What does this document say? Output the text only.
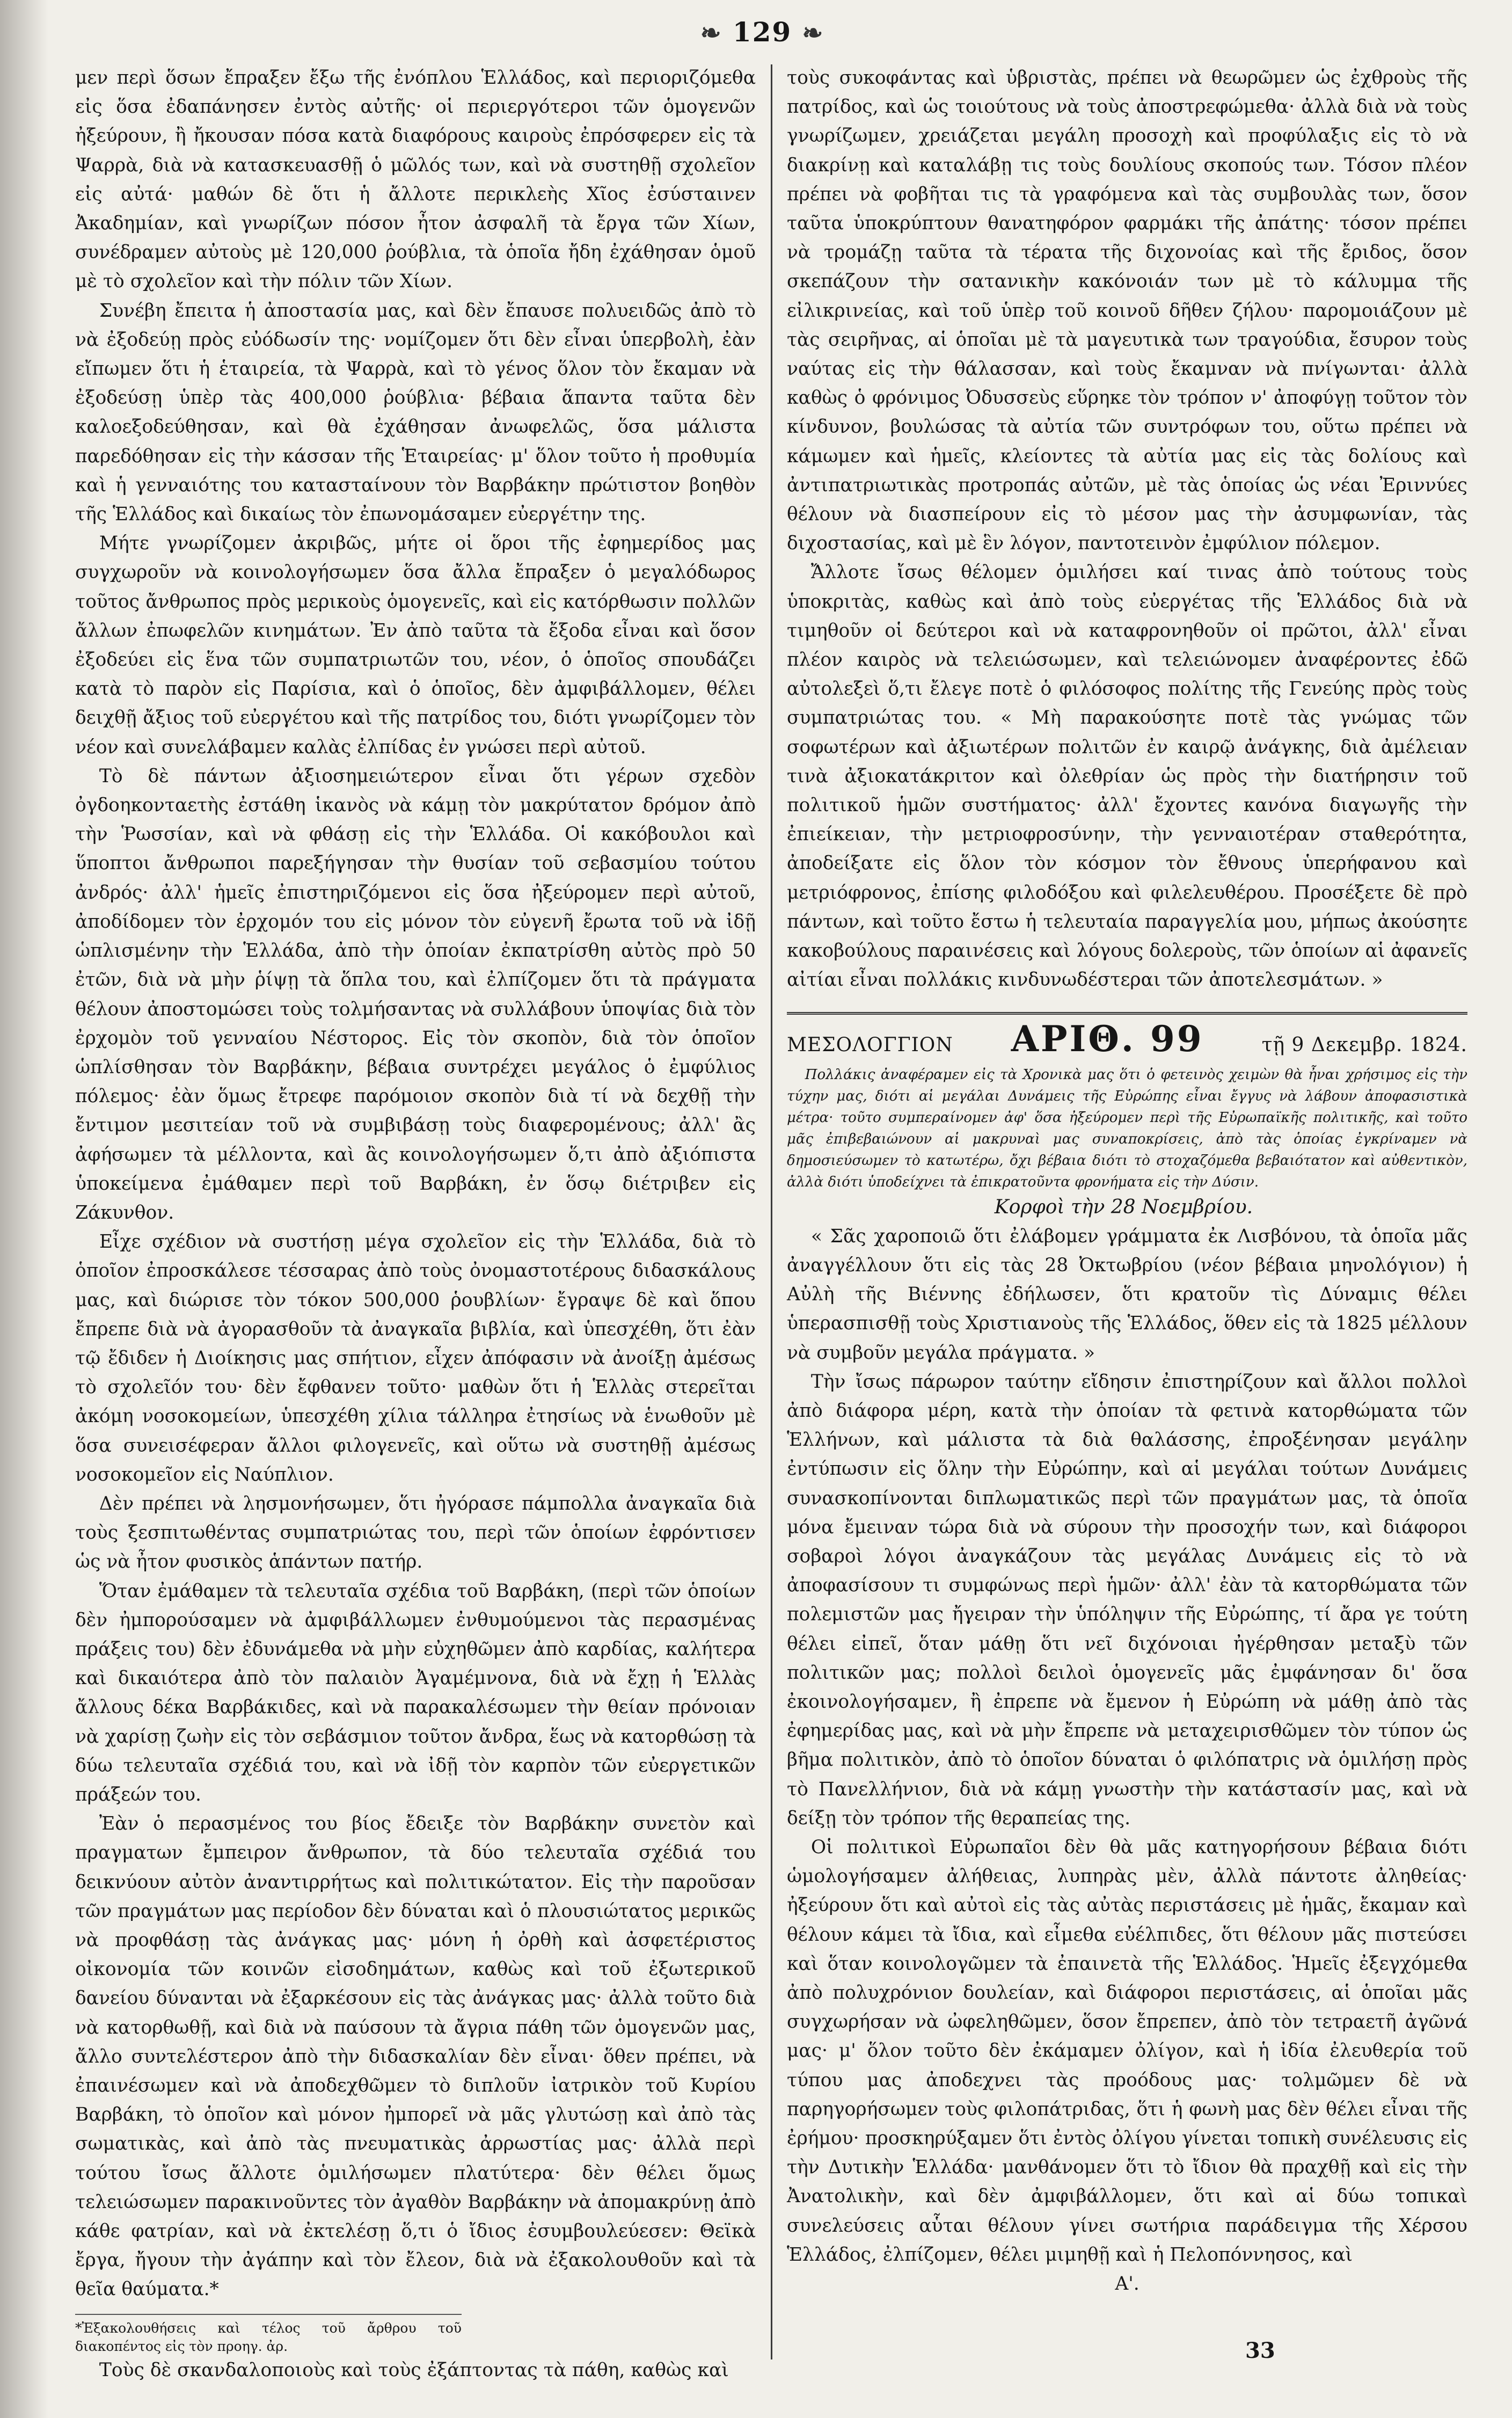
❧ 129 ❧

μεν περὶ ὅσων ἔπραξεν ἔξω τῆς ἐνόπλου Ἑλλάδος, καὶ περιοριζόμεθα εἰς ὅσα ἐδαπάνησεν ἐντὸς αὐτῆς· οἱ περιεργότεροι τῶν ὁμογενῶν ἠξεύρουν, ἢ ἤκουσαν πόσα κατὰ διαφόρους καιροὺς ἐπρόσφερεν εἰς τὰ Ψαρρὰ, διὰ νὰ κατασκευασθῇ ὁ μῶλός των, καὶ νὰ συστηθῇ σχολεῖον εἰς αὐτά· μαθών δὲ ὅτι ἡ ἄλλοτε περικλεὴς Χῖος ἐσύσταινεν Ἀκαδημίαν, καὶ γνωρίζων πόσον ἦτον ἀσφαλῆ τὰ ἔργα τῶν Χίων, συνέδραμεν αὐτοὺς μὲ 120,000 ῥούβλια, τὰ ὁποῖα ἤδη ἐχάθησαν ὁμοῦ μὲ τὸ σχολεῖον καὶ τὴν πόλιν τῶν Χίων.

Συνέβη ἔπειτα ἡ ἀποστασία μας, καὶ δὲν ἔπαυσε πολυειδῶς ἀπὸ τὸ νὰ ἐξοδεύῃ πρὸς εὐόδωσίν της· νομίζομεν ὅτι δὲν εἶναι ὑπερβολὴ, ἐὰν εἴπωμεν ὅτι ἡ ἑταιρεία, τὰ Ψαρρὰ, καὶ τὸ γένος ὅλον τὸν ἔκαμαν νὰ ἐξοδεύσῃ ὑπὲρ τὰς 400,000 ῥούβλια· βέβαια ἅπαντα ταῦτα δὲν καλοεξοδεύθησαν, καὶ θὰ ἐχάθησαν ἀνωφελῶς, ὅσα μάλιστα παρεδόθησαν εἰς τὴν κάσσαν τῆς Ἑταιρείας· μ' ὅλον τοῦτο ἡ προθυμία καὶ ἡ γενναιότης του κατασταίνουν τὸν Βαρβάκην πρώτιστον βοηθὸν τῆς Ἑλλάδος καὶ δικαίως τὸν ἐπωνομάσαμεν εὐεργέτην της.

Μήτε γνωρίζομεν ἀκριβῶς, μήτε οἱ ὅροι τῆς ἐφημερίδος μας συγχωροῦν νὰ κοινολογήσωμεν ὅσα ἄλλα ἔπραξεν ὁ μεγαλόδωρος τοῦτος ἄνθρωπος πρὸς μερικοὺς ὁμογενεῖς, καὶ εἰς κατόρθωσιν πολλῶν ἄλλων ἐπωφελῶν κινημάτων. Ἐν ἀπὸ ταῦτα τὰ ἔξοδα εἶναι καὶ ὅσον ἐξοδεύει εἰς ἕνα τῶν συμπατριωτῶν του, νέον, ὁ ὁποῖος σπουδάζει κατὰ τὸ παρὸν εἰς Παρίσια, καὶ ὁ ὁποῖος, δὲν ἀμφιβάλλομεν, θέλει δειχθῇ ἄξιος τοῦ εὐεργέτου καὶ τῆς πατρίδος του, διότι γνωρίζομεν τὸν νέον καὶ συνελάβαμεν καλὰς ἐλπίδας ἐν γνώσει περὶ αὐτοῦ.

Τὸ δὲ πάντων ἀξιοσημειώτερον εἶναι ὅτι γέρων σχεδὸν ὀγδοηκονταετὴς ἐστάθη ἱκανὸς νὰ κάμῃ τὸν μακρύτατον δρόμον ἀπὸ τὴν Ῥωσσίαν, καὶ νὰ φθάσῃ εἰς τὴν Ἑλλάδα. Οἱ κακόβουλοι καὶ ὕποπτοι ἄνθρωποι παρεξήγησαν τὴν θυσίαν τοῦ σεβασμίου τούτου ἀνδρός· ἀλλ' ἡμεῖς ἐπιστηριζόμενοι εἰς ὅσα ἠξεύρομεν περὶ αὐτοῦ, ἀποδίδομεν τὸν ἐρχομόν του εἰς μόνον τὸν εὐγενῆ ἔρωτα τοῦ νὰ ἰδῇ ὡπλισμένην τὴν Ἑλλάδα, ἀπὸ τὴν ὁποίαν ἐκπατρίσθη αὐτὸς πρὸ 50 ἐτῶν, διὰ νὰ μὴν ῥίψῃ τὰ ὅπλα του, καὶ ἐλπίζομεν ὅτι τὰ πράγματα θέλουν ἀποστομώσει τοὺς τολμήσαντας νὰ συλλάβουν ὑποψίας διὰ τὸν ἐρχομὸν τοῦ γενναίου Νέστορος. Εἰς τὸν σκοπὸν, διὰ τὸν ὁποῖον ὡπλίσθησαν τὸν Βαρβάκην, βέβαια συντρέχει μεγάλος ὁ ἐμφύλιος πόλεμος· ἐὰν ὅμως ἔτρεφε παρόμοιον σκοπὸν διὰ τί νὰ δεχθῇ τὴν ἔντιμον μεσιτείαν τοῦ νὰ συμβιβάσῃ τοὺς διαφερομένους; ἀλλ' ἂς ἀφήσωμεν τὰ μέλλοντα, καὶ ἂς κοινολογήσωμεν ὅ,τι ἀπὸ ἀξιόπιστα ὑποκείμενα ἐμάθαμεν περὶ τοῦ Βαρβάκη, ἐν ὅσῳ διέτριβεν εἰς Ζάκυνθον.

Εἶχε σχέδιον νὰ συστήσῃ μέγα σχολεῖον εἰς τὴν Ἑλλάδα, διὰ τὸ ὁποῖον ἐπροσκάλεσε τέσσαρας ἀπὸ τοὺς ὀνομαστοτέρους διδασκάλους μας, καὶ διώρισε τὸν τόκον 500,000 ῥουβλίων· ἔγραψε δὲ καὶ ὅπου ἔπρεπε διὰ νὰ ἀγορασθοῦν τὰ ἀναγκαῖα βιβλία, καὶ ὑπεσχέθη, ὅτι ἐὰν τῷ ἔδιδεν ἡ Διοίκησις μας σπήτιον, εἶχεν ἀπόφασιν νὰ ἀνοίξῃ ἀμέσως τὸ σχολεῖόν του· δὲν ἔφθανεν τοῦτο· μαθὼν ὅτι ἡ Ἑλλὰς στερεῖται ἀκόμη νοσοκομείων, ὑπεσχέθη χίλια τάλληρα ἐτησίως νὰ ἑνωθοῦν μὲ ὅσα συνεισέφεραν ἄλλοι φιλογενεῖς, καὶ οὕτω νὰ συστηθῇ ἀμέσως νοσοκομεῖον εἰς Ναύπλιον.

Δὲν πρέπει νὰ λησμονήσωμεν, ὅτι ἠγόρασε πάμπολλα ἀναγκαῖα διὰ τοὺς ξεσπιτωθέντας συμπατριώτας του, περὶ τῶν ὁποίων ἐφρόντισεν ὡς νὰ ἦτον φυσικὸς ἁπάντων πατήρ.

Ὅταν ἐμάθαμεν τὰ τελευταῖα σχέδια τοῦ Βαρβάκη, (περὶ τῶν ὁποίων δὲν ἠμπορούσαμεν νὰ ἀμφιβάλλωμεν ἐνθυμούμενοι τὰς περασμένας πράξεις του) δὲν ἐδυνάμεθα νὰ μὴν εὐχηθῶμεν ἀπὸ καρδίας, καλήτερα καὶ δικαιότερα ἀπὸ τὸν παλαιὸν Ἀγαμέμνονα, διὰ νὰ ἔχῃ ἡ Ἑλλὰς ἄλλους δέκα Βαρβάκιδες, καὶ νὰ παρακαλέσωμεν τὴν θείαν πρόνοιαν νὰ χαρίσῃ ζωὴν εἰς τὸν σεβάσμιον τοῦτον ἄνδρα, ἕως νὰ κατορθώσῃ τὰ δύω τελευταῖα σχέδιά του, καὶ νὰ ἰδῇ τὸν καρπὸν τῶν εὐεργετικῶν πράξεών του.

Ἐὰν ὁ περασμένος του βίος ἔδειξε τὸν Βαρβάκην συνετὸν καὶ πραγματων ἔμπειρον ἄνθρωπον, τὰ δύο τελευταῖα σχέδιά του δεικνύουν αὐτὸν ἀναντιρρήτως καὶ πολιτικώτατον. Εἰς τὴν παροῦσαν τῶν πραγμάτων μας περίοδον δὲν δύναται καὶ ὁ πλουσιώτατος μερικῶς νὰ προφθάσῃ τὰς ἀνάγκας μας· μόνη ἡ ὀρθὴ καὶ ἀσφετέριστος οἰκονομία τῶν κοινῶν εἰσοδημάτων, καθὼς καὶ τοῦ ἐξωτερικοῦ δανείου δύνανται νὰ ἐξαρκέσουν εἰς τὰς ἀνάγκας μας· ἀλλὰ τοῦτο διὰ νὰ κατορθωθῇ, καὶ διὰ νὰ παύσουν τὰ ἄγρια πάθη τῶν ὁμογενῶν μας, ἄλλο συντελέστερον ἀπὸ τὴν διδασκαλίαν δὲν εἶναι· ὅθεν πρέπει, νὰ ἐπαινέσωμεν καὶ νὰ ἀποδεχθῶμεν τὸ διπλοῦν ἰατρικὸν τοῦ Κυρίου Βαρβάκη, τὸ ὁποῖον καὶ μόνον ἠμπορεῖ νὰ μᾶς γλυτώσῃ καὶ ἀπὸ τὰς σωματικὰς, καὶ ἀπὸ τὰς πνευματικὰς ἀρρωστίας μας· ἀλλὰ περὶ τούτου ἴσως ἄλλοτε ὁμιλήσωμεν πλατύτερα· δὲν θέλει ὅμως τελειώσωμεν παρακινοῦντες τὸν ἀγαθὸν Βαρβάκην νὰ ἀπομακρύνῃ ἀπὸ κάθε φατρίαν, καὶ νὰ ἐκτελέσῃ ὅ,τι ὁ ἴδιος ἐσυμβουλεύεσεν: Θεϊκὰ ἔργα, ἤγουν τὴν ἀγάπην καὶ τὸν ἔλεον, διὰ νὰ ἐξακολουθοῦν καὶ τὰ θεῖα θαύματα.*

*Ἐξακολουθήσεις καὶ τέλος τοῦ ἄρθρου τοῦ διακοπέντος εἰς τὸν πρoηγ. ἀρ.

Τοὺς δὲ σκανδαλοποιοὺς καὶ τοὺς ἐξάπτοντας τὰ πάθη, καθὼς καὶ

τοὺς συκοφάντας καὶ ὑβριστὰς, πρέπει νὰ θεωρῶμεν ὡς ἐχθροὺς τῆς πατρίδος, καὶ ὡς τοιούτους νὰ τοὺς ἀποστρεφώμεθα· ἀλλὰ διὰ νὰ τοὺς γνωρίζωμεν, χρειάζεται μεγάλη προσοχὴ καὶ προφύλαξις εἰς τὸ νὰ διακρίνῃ καὶ καταλάβῃ τις τοὺς δουλίους σκοπούς των. Τόσον πλέον πρέπει νὰ φοβῆται τις τὰ γραφόμενα καὶ τὰς συμβουλὰς των, ὅσον ταῦτα ὑποκρύπτουν θανατηφόρον φαρμάκι τῆς ἀπάτης· τόσον πρέπει νὰ τρομάζῃ ταῦτα τὰ τέρατα τῆς διχονοίας καὶ τῆς ἔριδος, ὅσον σκεπάζουν τὴν σατανικὴν κακόνοιάν των μὲ τὸ κάλυμμα τῆς εἰλικρινείας, καὶ τοῦ ὑπὲρ τοῦ κοινοῦ δῆθεν ζήλου· παρομοιάζουν μὲ τὰς σειρῆνας, αἱ ὁποῖαι μὲ τὰ μαγευτικὰ των τραγούδια, ἔσυρον τοὺς ναύτας εἰς τὴν θάλασσαν, καὶ τοὺς ἔκαμναν νὰ πνίγωνται· ἀλλὰ καθὼς ὁ φρόνιμος Ὀδυσσεὺς εὕρηκε τὸν τρόπον ν' ἀποφύγῃ τοῦτον τὸν κίνδυνον, βουλώσας τὰ αὐτία τῶν συντρόφων του, οὕτω πρέπει νὰ κάμωμεν καὶ ἡμεῖς, κλείοντες τὰ αὐτία μας εἰς τὰς δολίους καὶ ἀντιπατριωτικὰς προτροπάς αὐτῶν, μὲ τὰς ὁποίας ὡς νέαι Ἐριννύες θέλουν νὰ διασπείρουν εἰς τὸ μέσον μας τὴν ἀσυμφωνίαν, τὰς διχοστασίας, καὶ μὲ ἓν λόγον, παντοτεινὸν ἐμφύλιον πόλεμον.

Ἄλλοτε ἴσως θέλομεν ὁμιλήσει καί τινας ἀπὸ τούτους τοὺς ὑποκριτὰς, καθὼς καὶ ἀπὸ τοὺς εὐεργέτας τῆς Ἑλλάδος διὰ νὰ τιμηθοῦν οἱ δεύτεροι καὶ νὰ καταφρονηθοῦν οἱ πρῶτοι, ἀλλ' εἶναι πλέον καιρὸς νὰ τελειώσωμεν, καὶ τελειώνομεν ἀναφέροντες ἐδῶ αὐτολεξεὶ ὅ,τι ἔλεγε ποτὲ ὁ φιλόσοφος πολίτης τῆς Γενεύης πρὸς τοὺς συμπατριώτας του. « Μὴ παρακούσητε ποτὲ τὰς γνώμας τῶν σοφωτέρων καὶ ἀξιωτέρων πολιτῶν ἐν καιρῷ ἀνάγκης, διὰ ἀμέλειαν τινὰ ἀξιοκατάκριτον καὶ ὀλεθρίαν ὡς πρὸς τὴν διατήρησιν τοῦ πολιτικοῦ ἡμῶν συστήματος· ἀλλ' ἔχοντες κανόνα διαγωγῆς τὴν ἐπιείκειαν, τὴν μετριοφροσύνην, τὴν γενναιοτέραν σταθερότητα, ἀποδείξατε εἰς ὅλον τὸν κόσμον τὸν ἔθνους ὑπερήφανου καὶ μετριόφρονος, ἐπίσης φιλοδόξου καὶ φιλελευθέρου. Προσέξετε δὲ πρὸ πάντων, καὶ τοῦτο ἔστω ἡ τελευταία παραγγελία μου, μήπως ἀκούσητε κακοβούλους παραινέσεις καὶ λόγους δολεροὺς, τῶν ὁποίων αἱ ἀφανεῖς αἰτίαι εἶναι πολλάκις κινδυνωδέστεραι τῶν ἀποτελεσμάτων. »

ΜΕΣΟΛΟΓΓΙΟΝ ΑΡΙΘ. 99	τῇ 9 Δεκεμβρ. 1824.

Πολλάκις ἀναφέραμεν εἰς τὰ Χρονικὰ μας ὅτι ὁ φετεινὸς χειμὼν θὰ ἦναι χρήσιμος εἰς τὴν τύχην μας, διότι αἱ μεγάλαι Δυνάμεις τῆς Εὐρώπης εἶναι ἔγγυς νὰ λάβουν ἀποφασιστικὰ μέτρα· τοῦτο συμπεραίνομεν ἀφ' ὅσα ἠξεύρομεν περὶ τῆς Εὐρωπαϊκῆς πολιτικῆς, καὶ τοῦτο μᾶς ἐπιβεβαιώνουν αἱ μακρυναὶ μας συναποκρίσεις, ἀπὸ τὰς ὁποίας ἐγκρίναμεν νὰ δημοσιεύσωμεν τὸ κατωτέρω, ὄχι βέβαια διότι τὸ στοχαζόμεθα βεβαιότατον καὶ αὐθεντικὸν, ἀλλὰ διότι ὑποδείχνει τὰ ἐπικρατοῦντα φρονήματα εἰς τὴν Δύσιν.

Κορφοὶ τὴν 28 Νοεμβρίου.

« Σᾶς χαροποιῶ ὅτι ἐλάβομεν γράμματα ἐκ Λισβόνου, τὰ ὁποῖα μᾶς ἀναγγέλλουν ὅτι εἰς τὰς 28 Ὀκτωβρίου (νέον βέβαια μηνολόγιον) ἡ Αὐλὴ τῆς Βιέννης ἐδήλωσεν, ὅτι κρατοῦν τὶς Δύναμις θέλει ὑπερασπισθῇ τοὺς Χριστιανοὺς τῆς Ἑλλάδος, ὅθεν εἰς τὰ 1825 μέλλουν νὰ συμβοῦν μεγάλα πράγματα. »

Τὴν ἴσως πάρωρον ταύτην εἴδησιν ἐπιστηρίζουν καὶ ἄλλοι πολλοὶ ἀπὸ διάφορα μέρη, κατὰ τὴν ὁποίαν τὰ φετινὰ κατορθώματα τῶν Ἑλλήνων, καὶ μάλιστα τὰ διὰ θαλάσσης, ἐπροξένησαν μεγάλην ἐντύπωσιν εἰς ὅλην τὴν Εὐρώπην, καὶ αἱ μεγάλαι τούτων Δυνάμεις συνασκοπίνονται διπλωματικῶς περὶ τῶν πραγμάτων μας, τὰ ὁποῖα μόνα ἔμειναν τώρα διὰ νὰ σύρουν τὴν προσοχήν των, καὶ διάφοροι σοβαροὶ λόγοι ἀναγκάζουν τὰς μεγάλας Δυνάμεις εἰς τὸ νὰ ἀποφασίσουν τι συμφώνως περὶ ἡμῶν· ἀλλ' ἐὰν τὰ κατορθώματα τῶν πολεμιστῶν μας ἤγειραν τὴν ὑπόληψιν τῆς Εὐρώπης, τί ἄρα γε τούτη θέλει εἰπεῖ, ὅταν μάθῃ ὅτι νεῖ διχόνοιαι ἠγέρθησαν μεταξὺ τῶν πολιτικῶν μας; πολλοὶ δειλοὶ ὁμογενεῖς μᾶς ἐμφάνησαν δι' ὅσα ἐκοινολογήσαμεν, ἢ ἐπρεπε νὰ ἔμενον ἡ Εὐρώπη νὰ μάθῃ ἀπὸ τὰς ἐφημερίδας μας, καὶ νὰ μὴν ἔπρεπε νὰ μεταχειρισθῶμεν τὸν τύπον ὡς βῆμα πολιτικὸν, ἀπὸ τὸ ὁποῖον δύναται ὁ φιλόπατρις νὰ ὁμιλήσῃ πρὸς τὸ Πανελλήνιον, διὰ νὰ κάμῃ γνωστὴν τὴν κατάστασίν μας, καὶ νὰ δείξῃ τὸν τρόπον τῆς θεραπείας της.

Οἱ πολιτικοὶ Εὐρωπαῖοι δὲν θὰ μᾶς κατηγορήσουν βέβαια διότι ὡμολογήσαμεν ἀλήθειας, λυπηρὰς μὲν, ἀλλὰ πάντοτε ἀληθείας· ἠξεύρουν ὅτι καὶ αὐτοὶ εἰς τὰς αὐτὰς περιστάσεις μὲ ἡμᾶς, ἔκαμαν καὶ θέλουν κάμει τὰ ἴδια, καὶ εἶμεθα εὐέλπιδες, ὅτι θέλουν μᾶς πιστεύσει καὶ ὅταν κοινολογῶμεν τὰ ἐπαινετὰ τῆς Ἑλλάδος. Ἡμεῖς ἐξεγχόμεθα ἀπὸ πολυχρόνιον δουλείαν, καὶ διάφοροι περιστάσεις, αἱ ὁποῖαι μᾶς συγχωρήσαν νὰ ὠφεληθῶμεν, ὅσον ἔπρεπεν, ἀπὸ τὸν τετραετῆ ἀγῶνά μας· μ' ὅλον τοῦτο δὲν ἐκάμαμεν ὀλίγον, καὶ ἡ ἰδία ἐλευθερία τοῦ τύπου μας ἀποδεχνει τὰς προόδους μας· τολμῶμεν δὲ νὰ παρηγορήσωμεν τοὺς φιλοπάτριδας, ὅτι ἡ φωνὴ μας δὲν θέλει εἶναι τῆς ἐρήμου· προσκηρύξαμεν ὅτι ἐντὸς ὀλίγου γίνεται τοπικὴ συνέλευσις εἰς τὴν Δυτικὴν Ἑλλάδα· μανθάνομεν ὅτι τὸ ἴδιον θὰ πραχθῇ καὶ εἰς τὴν Ἀνατολικὴν, καὶ δὲν ἀμφιβάλλομεν, ὅτι καὶ αἱ δύω τοπικαὶ συνελεύσεις αὗται θέλουν γίνει σωτήρια παράδειγμα τῆς Χέρσου Ἑλλάδος, ἐλπίζομεν, θέλει μιμηθῇ καὶ ἡ Πελοπόννησος, καὶ

Α'.

33
